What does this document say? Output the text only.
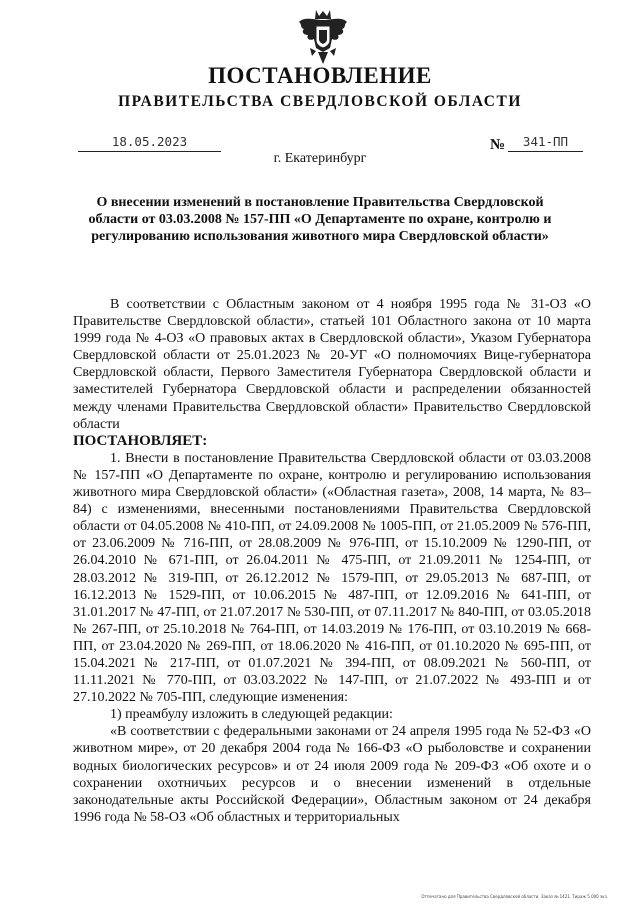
ПОСТАНОВЛЕНИЕ
ПРАВИТЕЛЬСТВА СВЕРДЛОВСКОЙ ОБЛАСТИ
18.05.2023	№	341-ПП
г. Екатеринбург
О внесении изменений в постановление Правительства Свердловской области от 03.03.2008 № 157-ПП «О Департаменте по охране, контролю и регулированию использования животного мира Свердловской области»

В соответствии с Областным законом от 4 ноября 1995 года № 31-ОЗ «О Правительстве Свердловской области», статьей 101 Областного закона от 10 марта 1999 года № 4-ОЗ «О правовых актах в Свердловской области», Указом Губернатора Свердловской области от 25.01.2023 № 20-УГ «О полномочиях Вице-губернатора Свердловской области, Первого Заместителя Губернатора Свердловской области и заместителей Губернатора Свердловской области и распределении обязанностей между членами Правительства Свердловской области» Правительство Свердловской области

ПОСТАНОВЛЯЕТ:

1. Внести в постановление Правительства Свердловской области от 03.03.2008 № 157-ПП «О Департаменте по охране, контролю и регулированию использования животного мира Свердловской области» («Областная газета», 2008, 14 марта, № 83–84) с изменениями, внесенными постановлениями Правительства Свердловской области от 04.05.2008 № 410-ПП, от 24.09.2008 № 1005-ПП, от 21.05.2009 № 576-ПП, от 23.06.2009 № 716-ПП, от 28.08.2009 № 976-ПП, от 15.10.2009 № 1290-ПП, от 26.04.2010 № 671-ПП, от 26.04.2011 № 475-ПП, от 21.09.2011 № 1254-ПП, от 28.03.2012 № 319-ПП, от 26.12.2012 № 1579-ПП, от 29.05.2013 № 687-ПП, от 16.12.2013 № 1529-ПП, от 10.06.2015 № 487-ПП, от 12.09.2016 № 641-ПП, от 31.01.2017 № 47-ПП, от 21.07.2017 № 530-ПП, от 07.11.2017 № 840-ПП, от 03.05.2018 № 267-ПП, от 25.10.2018 № 764-ПП, от 14.03.2019 № 176-ПП, от 03.10.2019 № 668-ПП, от 23.04.2020 № 269-ПП, от 18.06.2020 № 416-ПП, от 01.10.2020 № 695-ПП, от 15.04.2021 № 217-ПП, от 01.07.2021 № 394-ПП, от 08.09.2021 № 560-ПП, от 11.11.2021 № 770-ПП, от 03.03.2022 № 147-ПП, от 21.07.2022 № 493-ПП и от 27.10.2022 № 705-ПП, следующие изменения:

1) преамбулу изложить в следующей редакции:

«В соответствии с федеральными законами от 24 апреля 1995 года № 52-ФЗ «О животном мире», от 20 декабря 2004 года № 166-ФЗ «О рыболовстве и сохранении водных биологических ресурсов» и от 24 июля 2009 года № 209-ФЗ «Об охоте и о сохранении охотничьих ресурсов и о внесении изменений в отдельные законодательные акты Российской Федерации», Областным законом от 24 декабря 1996 года № 58-ОЗ «Об областных и территориальных

Отпечатано для Правительства Свердловской области. Заказ № 1421. Тираж 5 000 экз.
